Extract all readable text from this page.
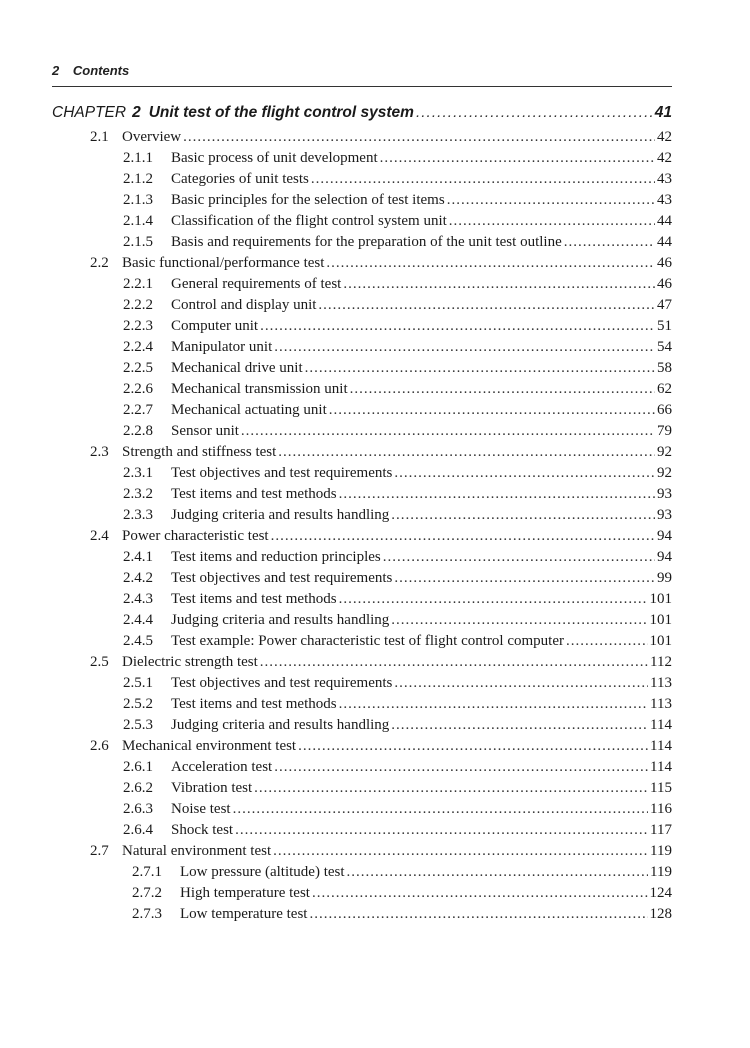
2 Contents
CHAPTER 2 Unit test of the flight control system .....	41
2.1 Overview .....	42
2.1.1	Basic process of unit development .....	42
2.1.2	Categories of unit tests .....	43
2.1.3	Basic principles for the selection of test items .....	43
2.1.4	Classification of the flight control system unit .....	44
2.1.5	Basis and requirements for the preparation of the unit test outline .....	44
2.2 Basic functional/performance test .....	46
2.2.1	General requirements of test .....	46
2.2.2	Control and display unit .....	47
2.2.3	Computer unit .....	51
2.2.4	Manipulator unit .....	54
2.2.5	Mechanical drive unit .....	58
2.2.6	Mechanical transmission unit .....	62
2.2.7	Mechanical actuating unit .....	66
2.2.8	Sensor unit .....	79
2.3 Strength and stiffness test .....	92
2.3.1	Test objectives and test requirements .....	92
2.3.2	Test items and test methods .....	93
2.3.3	Judging criteria and results handling .....	93
2.4 Power characteristic test .....	94
2.4.1	Test items and reduction principles .....	94
2.4.2	Test objectives and test requirements .....	99
2.4.3	Test items and test methods .....	101
2.4.4	Judging criteria and results handling .....	101
2.4.5	Test example: Power characteristic test of flight control computer .....	101
2.5 Dielectric strength test .....	112
2.5.1	Test objectives and test requirements .....	113
2.5.2	Test items and test methods .....	113
2.5.3	Judging criteria and results handling .....	114
2.6 Mechanical environment test .....	114
2.6.1	Acceleration test .....	114
2.6.2	Vibration test .....	115
2.6.3	Noise test .....	116
2.6.4	Shock test .....	117
2.7 Natural environment test .....	119
2.7.1	Low pressure (altitude) test .....	119
2.7.2	High temperature test .....	124
2.7.3	Low temperature test .....	128
